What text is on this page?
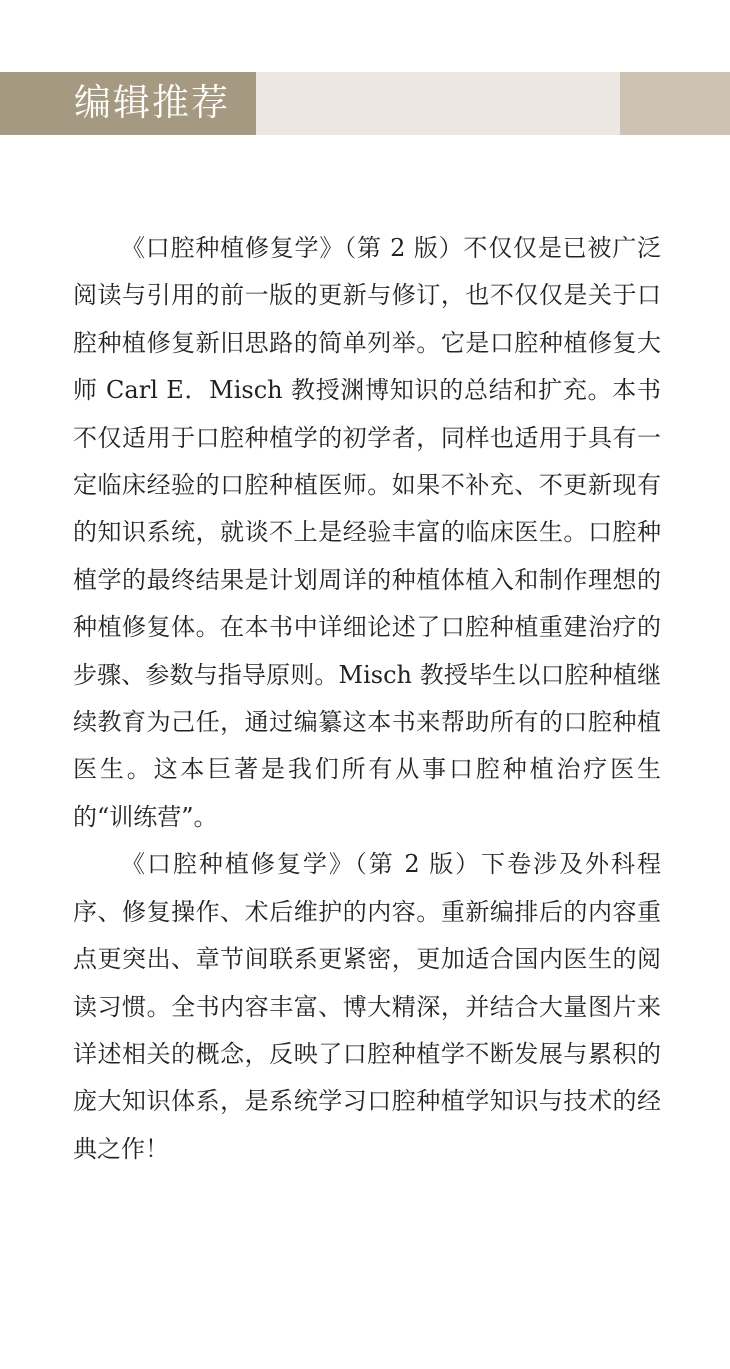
编辑推荐

《口腔种植修复学》（第 2 版）不仅仅是已被广泛阅读与引用的前一版的更新与修订，也不仅仅是关于口腔种植修复新旧思路的简单列举。它是口腔种植修复大师 Carl E．Misch 教授渊博知识的总结和扩充。本书不仅适用于口腔种植学的初学者，同样也适用于具有一定临床经验的口腔种植医师。如果不补充、不更新现有的知识系统，就谈不上是经验丰富的临床医生。口腔种植学的最终结果是计划周详的种植体植入和制作理想的种植修复体。在本书中详细论述了口腔种植重建治疗的步骤、参数与指导原则。Misch 教授毕生以口腔种植继续教育为己任，通过编纂这本书来帮助所有的口腔种植医生。这本巨著是我们所有从事口腔种植治疗医生的“训练营”。

《口腔种植修复学》（第 2 版）下卷涉及外科程序、修复操作、术后维护的内容。重新编排后的内容重点更突出、章节间联系更紧密，更加适合国内医生的阅读习惯。全书内容丰富、博大精深，并结合大量图片来详述相关的概念，反映了口腔种植学不断发展与累积的庞大知识体系，是系统学习口腔种植学知识与技术的经典之作！
